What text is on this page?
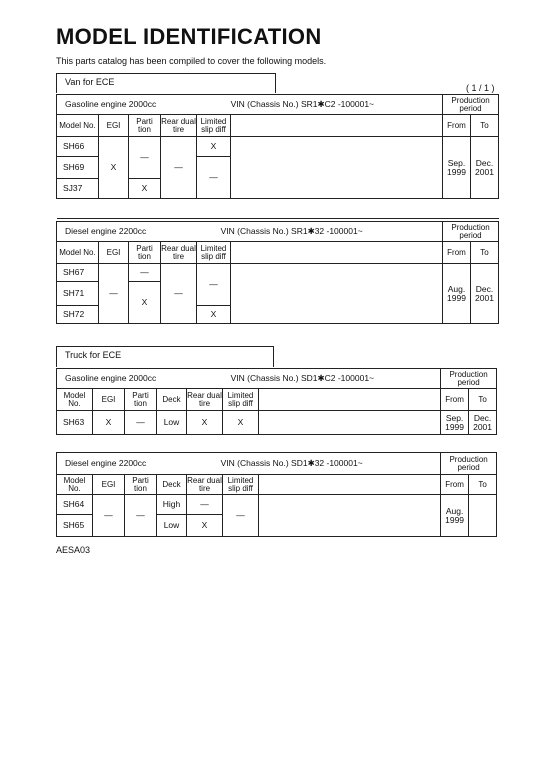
MODEL IDENTIFICATION
This parts catalog has been compiled to cover the following models.
Van for ECE
( 1 / 1 )
Gasoline engine 2000cc VIN (Chassis No.) SR1✱C2 -100001~						Production period	

Model No.	EGI	Parti tion	Rear dual tire	Limited slip diff		From	To
SH66	X	—	—	X		Sep. 1999	Dec. 2001
SH69				—			
SJ37		X					

Diesel engine 2200cc VIN (Chassis No.) SR1✱32 -100001~						Production period	
Model No.	EGI	Parti tion	Rear dual tire	Limited slip diff		From	To
SH67	—	—	—	—		Aug. 1999	Dec. 2001
SH71		X					
SH72				X			
Truck for ECE
Gasoline engine 2000cc VIN (Chassis No.) SD1✱C2 -100001~							Production period	
Model No.	EGI	Parti tion	Deck	Rear dual tire	Limited slip diff		From	To
SH63	X	—	Low	X	X		Sep. 1999	Dec. 2001

Diesel engine 2200cc VIN (Chassis No.) SD1✱32 -100001~							Production period	
Model No.	EGI	Parti tion	Deck	Rear dual tire	Limited slip diff		From	To
SH64	—	—	High	—	—		Aug. 1999	
SH65			Low	X				
AESA03
